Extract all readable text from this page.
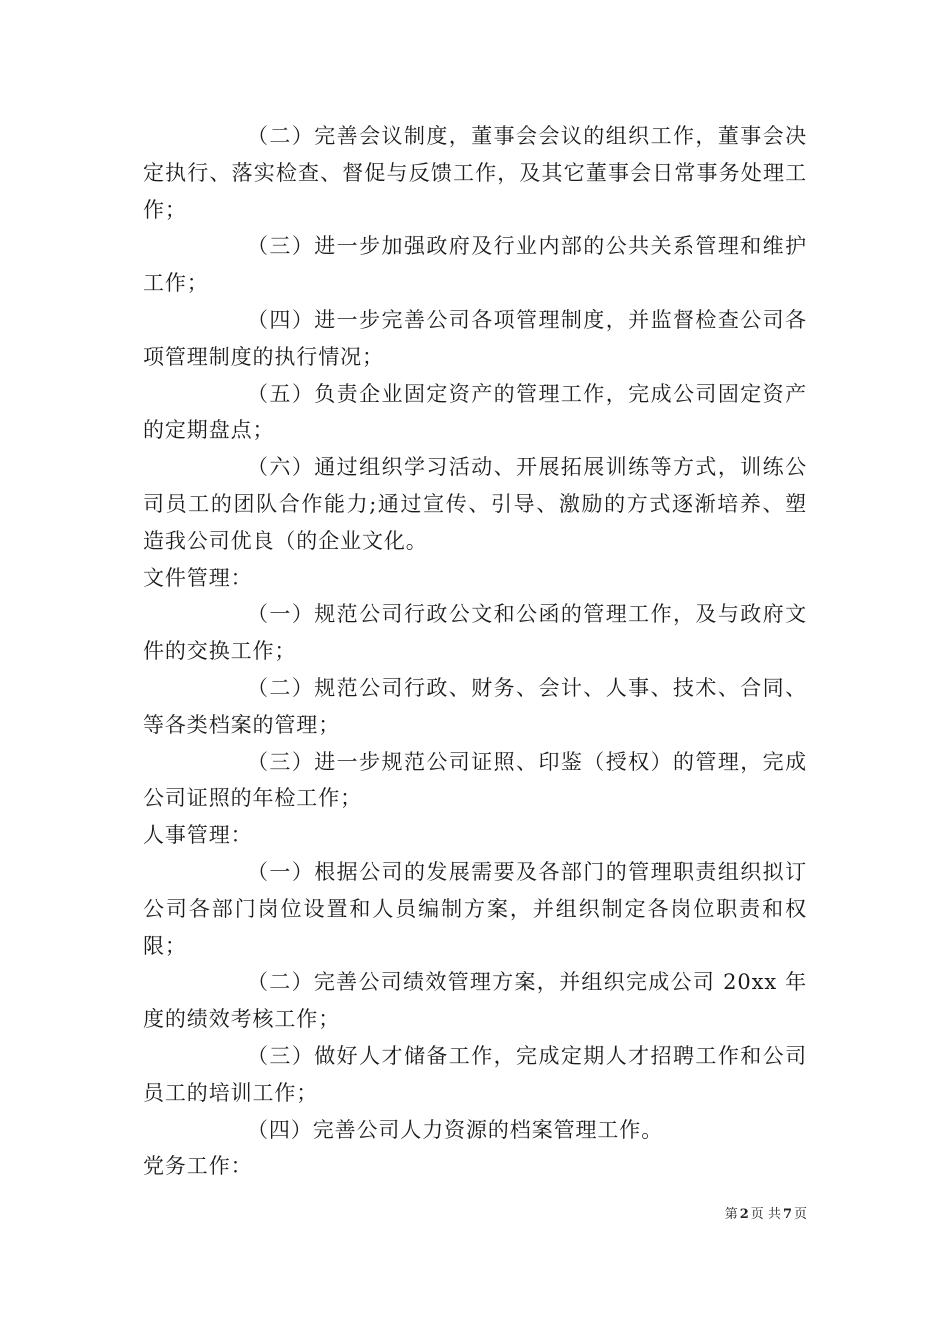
（二）完善会议制度，董事会会议的组织工作，董事会决定执行、落实检查、督促与反馈工作，及其它董事会日常事务处理工作；

（三）进一步加强政府及行业内部的公共关系管理和维护工作；

（四）进一步完善公司各项管理制度，并监督检查公司各项管理制度的执行情况；

（五）负责企业固定资产的管理工作，完成公司固定资产的定期盘点；

（六）通过组织学习活动、开展拓展训练等方式，训练公司员工的团队合作能力;通过宣传、引导、激励的方式逐渐培养、塑造我公司优良（的企业文化。

文件管理：

（一）规范公司行政公文和公函的管理工作，及与政府文件的交换工作；

（二）规范公司行政、财务、会计、人事、技术、合同、等各类档案的管理；

（三）进一步规范公司证照、印鉴（授权）的管理，完成公司证照的年检工作；

人事管理：

（一）根据公司的发展需要及各部门的管理职责组织拟订公司各部门岗位设置和人员编制方案，并组织制定各岗位职责和权限；

（二）完善公司绩效管理方案，并组织完成公司 20xx 年度的绩效考核工作；

（三）做好人才储备工作，完成定期人才招聘工作和公司员工的培训工作；

（四）完善公司人力资源的档案管理工作。

党务工作：

第 2 页 共 7 页
